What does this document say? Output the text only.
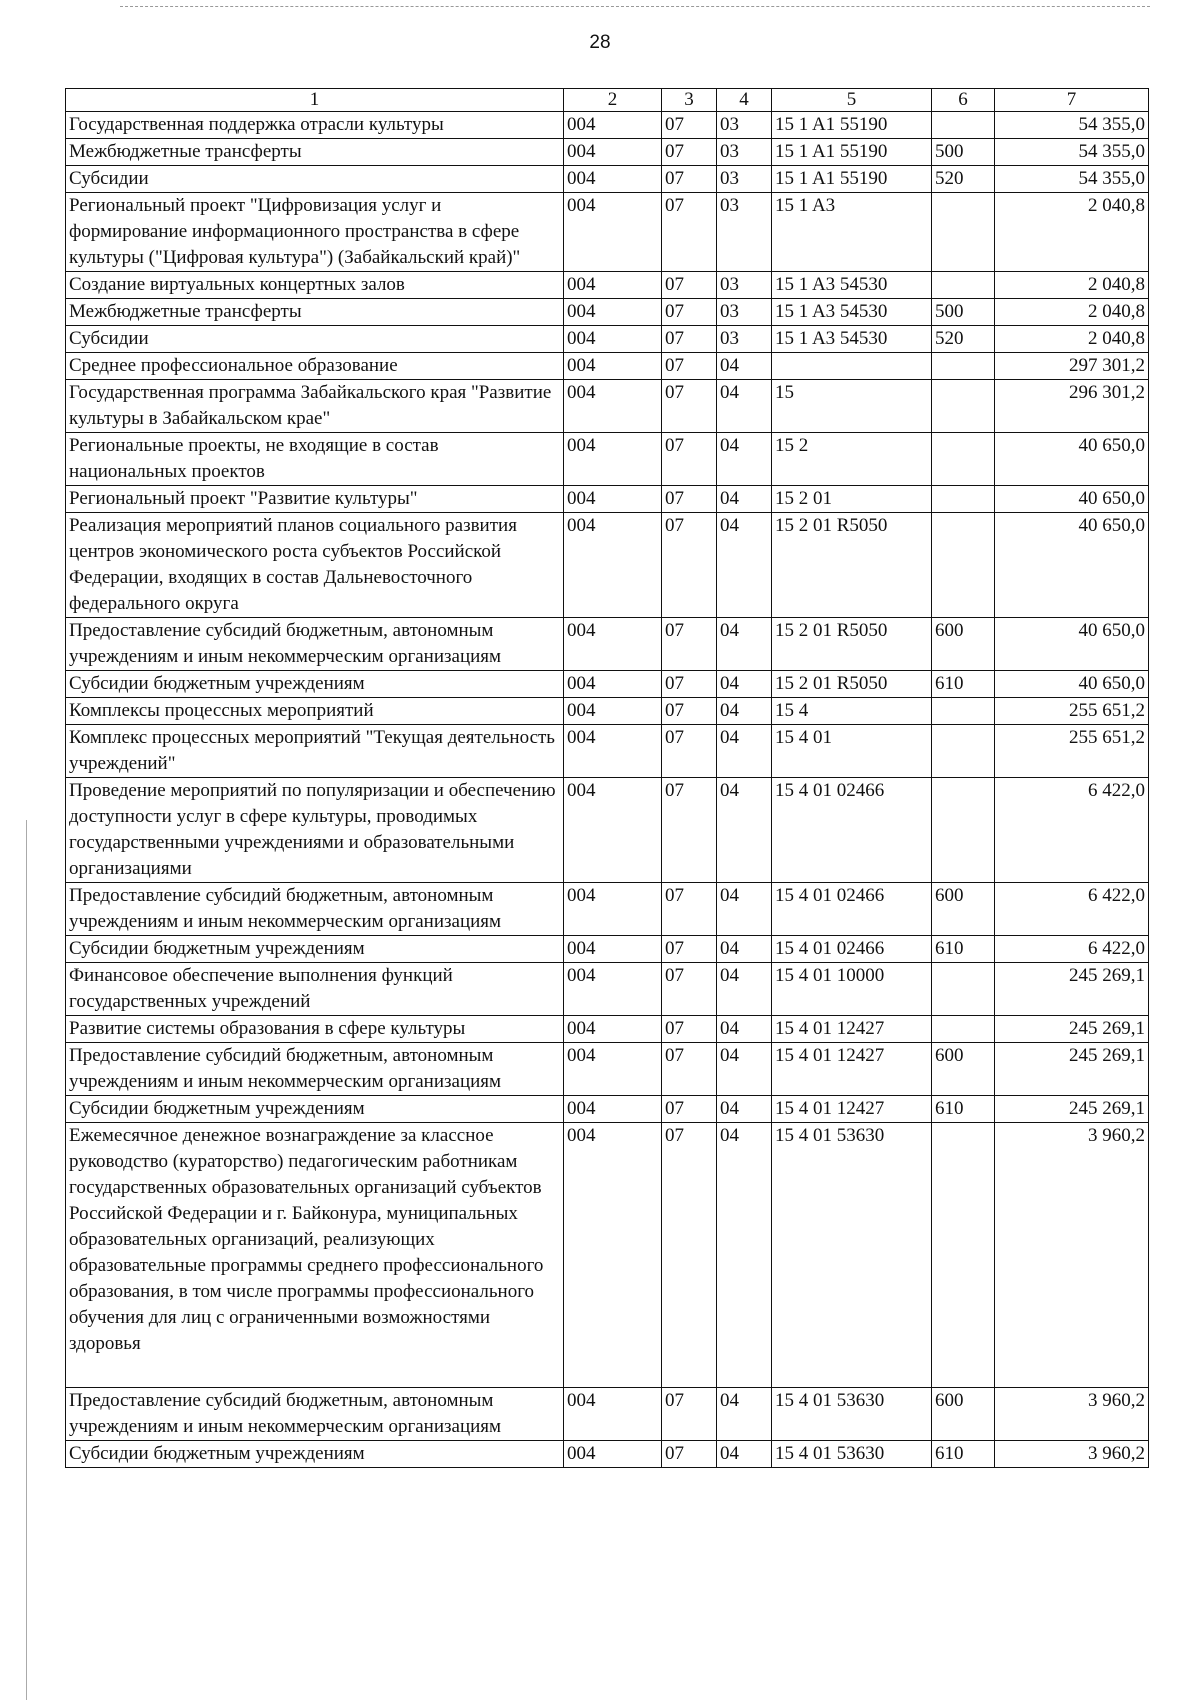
28
1	2	3	4	5	6	7
Государственная поддержка отрасли культуры	004	07	03	15 1 A1 55190		54 355,0
Межбюджетные трансферты	004	07	03	15 1 A1 55190	500	54 355,0
Субсидии	004	07	03	15 1 A1 55190	520	54 355,0
Региональный проект "Цифровизация услуг и формирование информационного пространства в сфере культуры ("Цифровая культура") (Забайкальский край)"	004	07	03	15 1 A3		2 040,8
Создание виртуальных концертных залов	004	07	03	15 1 A3 54530		2 040,8
Межбюджетные трансферты	004	07	03	15 1 A3 54530	500	2 040,8
Субсидии	004	07	03	15 1 A3 54530	520	2 040,8
Среднее профессиональное образование	004	07	04			297 301,2
Государственная программа Забайкальского края "Развитие культуры в Забайкальском крае"	004	07	04	15		296 301,2
Региональные проекты, не входящие в состав национальных проектов	004	07	04	15 2		40 650,0
Региональный проект "Развитие культуры"	004	07	04	15 2 01		40 650,0
Реализация мероприятий планов социального развития центров экономического роста субъектов Российской Федерации, входящих в состав Дальневосточного федерального округа	004	07	04	15 2 01 R5050		40 650,0
Предоставление субсидий бюджетным, автономным учреждениям и иным некоммерческим организациям	004	07	04	15 2 01 R5050	600	40 650,0
Субсидии бюджетным учреждениям	004	07	04	15 2 01 R5050	610	40 650,0
Комплексы процессных мероприятий	004	07	04	15 4		255 651,2
Комплекс процессных мероприятий "Текущая деятельность учреждений"	004	07	04	15 4 01		255 651,2
Проведение мероприятий по популяризации и обеспечению доступности услуг в сфере культуры, проводимых государственными учреждениями и образовательными организациями	004	07	04	15 4 01 02466		6 422,0
Предоставление субсидий бюджетным, автономным учреждениям и иным некоммерческим организациям	004	07	04	15 4 01 02466	600	6 422,0
Субсидии бюджетным учреждениям	004	07	04	15 4 01 02466	610	6 422,0
Финансовое обеспечение выполнения функций государственных учреждений	004	07	04	15 4 01 10000		245 269,1
Развитие системы образования в сфере культуры	004	07	04	15 4 01 12427		245 269,1
Предоставление субсидий бюджетным, автономным учреждениям и иным некоммерческим организациям	004	07	04	15 4 01 12427	600	245 269,1
Субсидии бюджетным учреждениям	004	07	04	15 4 01 12427	610	245 269,1
Ежемесячное денежное вознаграждение за классное руководство (кураторство) педагогическим работникам государственных образовательных организаций субъектов Российской Федерации и г. Байконура, муниципальных образовательных организаций, реализующих образовательные программы среднего профессионального образования, в том числе программы профессионального обучения для лиц с ограниченными возможностями здоровья	004	07	04	15 4 01 53630		3 960,2
Предоставление субсидий бюджетным, автономным учреждениям и иным некоммерческим организациям	004	07	04	15 4 01 53630	600	3 960,2
Субсидии бюджетным учреждениям	004	07	04	15 4 01 53630	610	3 960,2
